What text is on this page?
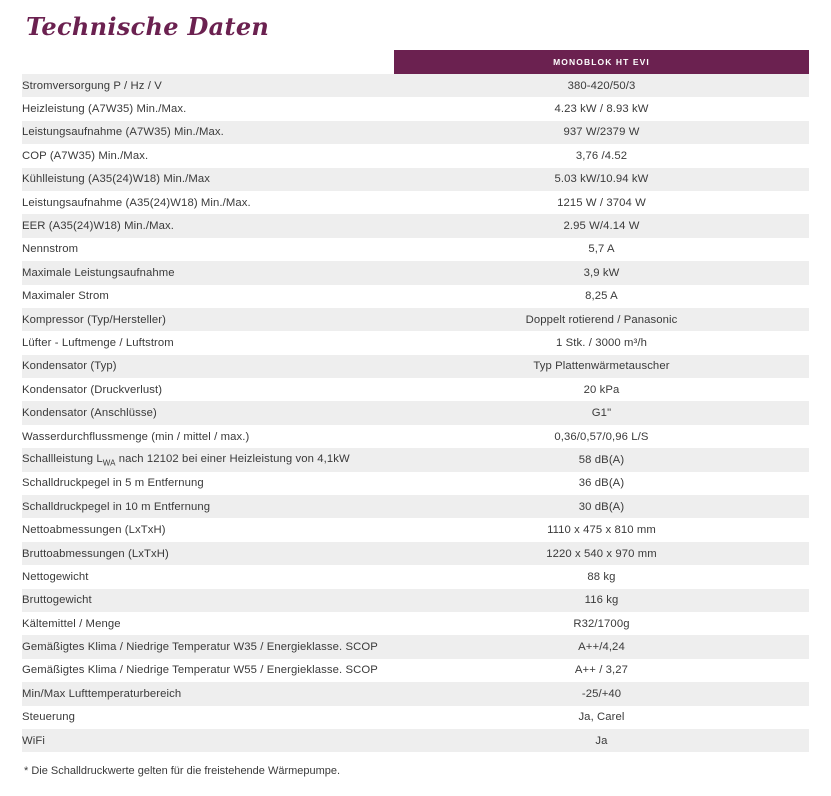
Technische Daten
	MONOBLOK HT EVI
Stromversorgung P / Hz / V	380-420/50/3
Heizleistung (A7W35) Min./Max.	4.23 kW / 8.93 kW
Leistungsaufnahme (A7W35) Min./Max.	937 W/2379 W
COP (A7W35) Min./Max.	3,76 /4.52
Kühlleistung (A35(24)W18) Min./Max	5.03 kW/10.94 kW
Leistungsaufnahme (A35(24)W18) Min./Max.	1215 W / 3704 W
EER (A35(24)W18) Min./Max.	2.95 W/4.14 W
Nennstrom	5,7 A
Maximale Leistungsaufnahme	3,9 kW
Maximaler Strom	8,25 A
Kompressor (Typ/Hersteller)	Doppelt rotierend / Panasonic
Lüfter - Luftmenge / Luftstrom	1 Stk. / 3000 m³/h
Kondensator (Typ)	Typ Plattenwärmetauscher
Kondensator (Druckverlust)	20 kPa
Kondensator (Anschlüsse)	G1"
Wasserdurchflussmenge (min / mittel / max.)	0,36/0,57/0,96 L/S
Schallleistung $L_{WA}$ nach 12102 bei einer Heizleistung von 4,1kW	58 dB(A)
Schalldruckpegel in 5 m Entfernung	36 dB(A)
Schalldruckpegel in 10 m Entfernung	30 dB(A)
Nettoabmessungen (LxTxH)	1110 x 475 x 810 mm
Bruttoabmessungen (LxTxH)	1220 x 540 x 970 mm
Nettogewicht	88 kg
Bruttogewicht	116 kg
Kältemittel / Menge	R32/1700g
Gemäßigtes Klima / Niedrige Temperatur W35 / Energieklasse. SCOP	A++/4,24
Gemäßigtes Klima / Niedrige Temperatur W55 / Energieklasse. SCOP	A++ / 3,27
Min/Max Lufttemperaturbereich	-25/+40
Steuerung	Ja, Carel
WiFi	Ja
* Die Schalldruckwerte gelten für die freistehende Wärmepumpe.
